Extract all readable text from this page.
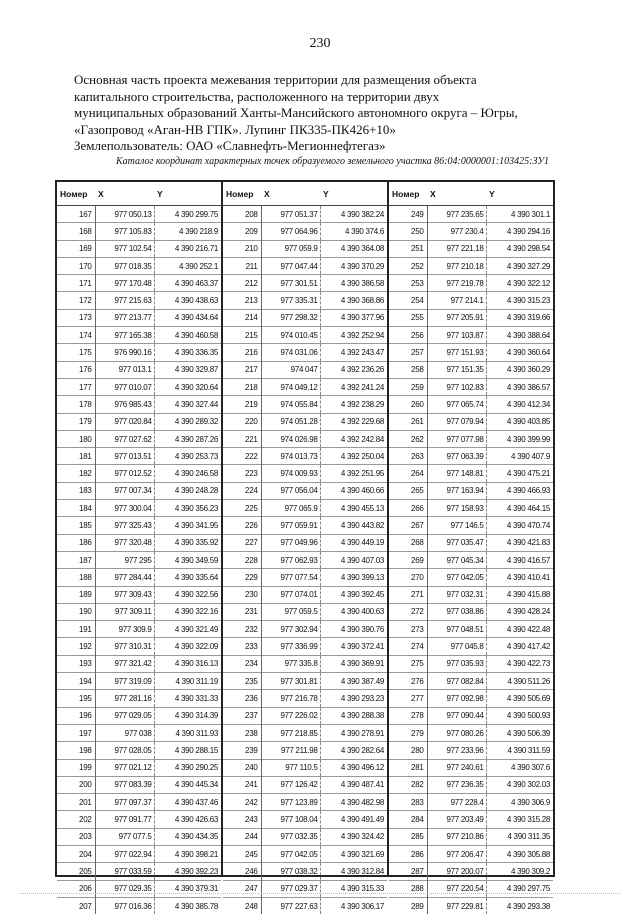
230
Основная часть проекта межевания территории для размещения объекта
капитального строительства, расположенного на территории двух
муниципальных образований Ханты-Мансийского автономного округа – Югры,
«Газопровод «Аган-НВ ГПК». Лупинг ПК335-ПК426+10»
Землепользователь: ОАО «Славнефть-Мегионнефтегаз»
Каталог координат характерных точек образуемого земельного участка 86:04:0000001:103425:ЗУ1
Номер	X	Y
167	977 050.13	4 390 299.75
168	977 105.83	4 390 218.9
169	977 102.54	4 390 216.71
170	977 018.35	4 390 252.1
171	977 170.48	4 390 463.37
172	977 215.63	4 390 438.63
173	977 213.77	4 390 434.64
174	977 165.38	4 390 460.58
175	976 990.16	4 390 336.35
176	977 013.1	4 390 329.87
177	977 010.07	4 390 320.64
178	976 985.43	4 390 327.44
179	977 020.84	4 390 289.32
180	977 027.62	4 390 287.26
181	977 013.51	4 390 253.73
182	977 012.52	4 390 246.58
183	977 007.34	4 390 248.28
184	977 300.04	4 390 356.23
185	977 325.43	4 390 341.95
186	977 320.48	4 390 335.92
187	977 295	4 390 349.59
188	977 284.44	4 390 335.64
189	977 309.43	4 390 322.56
190	977 309.11	4 390 322.16
191	977 309.9	4 390 321.49
192	977 310.31	4 390 322.09
193	977 321.42	4 390 316.13
194	977 319.09	4 390 311.19
195	977 281.16	4 390 331.33
196	977 029.05	4 390 314.39
197	977 038	4 390 311.93
198	977 028.05	4 390 288.15
199	977 021.12	4 390 290.25
200	977 083.39	4 390 445.34
201	977 097.37	4 390 437.46
202	977 091.77	4 390 426.63
203	977 077.5	4 390 434.35
204	977 022.94	4 390 398.21
205	977 033.59	4 390 392.23
206	977 029.35	4 390 379.31
207	977 016.36	4 390 385.78
Номер	X	Y
208	977 051.37	4 390 382.24
209	977 064.96	4 390 374.6
210	977 059.9	4 390 364.08
211	977 047.44	4 390 370.29
212	977 301.51	4 390 386.58
213	977 335.31	4 390 368.86
214	977 298.32	4 390 377.96
215	974 010.45	4 392 252.94
216	974 031.06	4 392 243.47
217	974 047	4 392 236.26
218	974 049.12	4 392 241.24
219	974 055.84	4 392 238.29
220	974 051.28	4 392 229.68
221	974 026.98	4 392 242.84
222	974 013.73	4 392 250.04
223	974 009.93	4 392 251.95
224	977 056.04	4 390 460.66
225	977 065.9	4 390 455.13
226	977 059.91	4 390 443.82
227	977 049.96	4 390 449.19
228	977 062.93	4 390 407.03
229	977 077.54	4 390 399.13
230	977 074.01	4 390 392.45
231	977 059.5	4 390 400.63
232	977 302.94	4 390 390.76
233	977 336.99	4 390 372.41
234	977 335.8	4 390 369.91
235	977 301.81	4 390 387.49
236	977 216.78	4 390 293.23
237	977 226.02	4 390 288.38
238	977 218.85	4 390 278.91
239	977 211.98	4 390 282.64
240	977 110.5	4 390 496.12
241	977 126.42	4 390 487.41
242	977 123.89	4 390 482.98
243	977 108.04	4 390 491.49
244	977 032.35	4 390 324.42
245	977 042.05	4 390 321.69
246	977 038.32	4 390 312.84
247	977 029.37	4 390 315.33
248	977 227.63	4 390 306.17
Номер	X	Y
249	977 235.65	4 390 301.1
250	977 230.4	4 390 294.16
251	977 221.18	4 390 298.54
252	977 210.18	4 390 327.29
253	977 219.78	4 390 322.12
254	977 214.1	4 390 315.23
255	977 205.91	4 390 319.66
256	977 103.87	4 390 388.64
257	977 151.93	4 390 360.64
258	977 151.35	4 390 360.29
259	977 102.83	4 390 386.57
260	977 065.74	4 390 412.34
261	977 079.94	4 390 403.85
262	977 077.98	4 390 399.99
263	977 063.39	4 390 407.9
264	977 148.81	4 390 475.21
265	977 163.94	4 390 466.93
266	977 158.93	4 390 464.15
267	977 146.5	4 390 470.74
268	977 035.47	4 390 421.83
269	977 045.34	4 390 416.57
270	977 042.05	4 390 410.41
271	977 032.31	4 390 415.88
272	977 038.86	4 390 428.24
273	977 048.51	4 390 422.48
274	977 045.8	4 390 417.42
275	977 035.93	4 390 422.73
276	977 082.84	4 390 511.26
277	977 092.98	4 390 505.69
278	977 090.44	4 390 500.93
279	977 080.26	4 390 506.39
280	977 233.96	4 390 311.59
281	977 240.61	4 390 307.6
282	977 236.35	4 390 302.03
283	977 228.4	4 390 306.9
284	977 203.49	4 390 315.28
285	977 210.86	4 390 311.35
286	977 206.47	4 390 305.88
287	977 200.07	4 390 309.2
288	977 220.54	4 390 297.75
289	977 229.81	4 390 293.38
